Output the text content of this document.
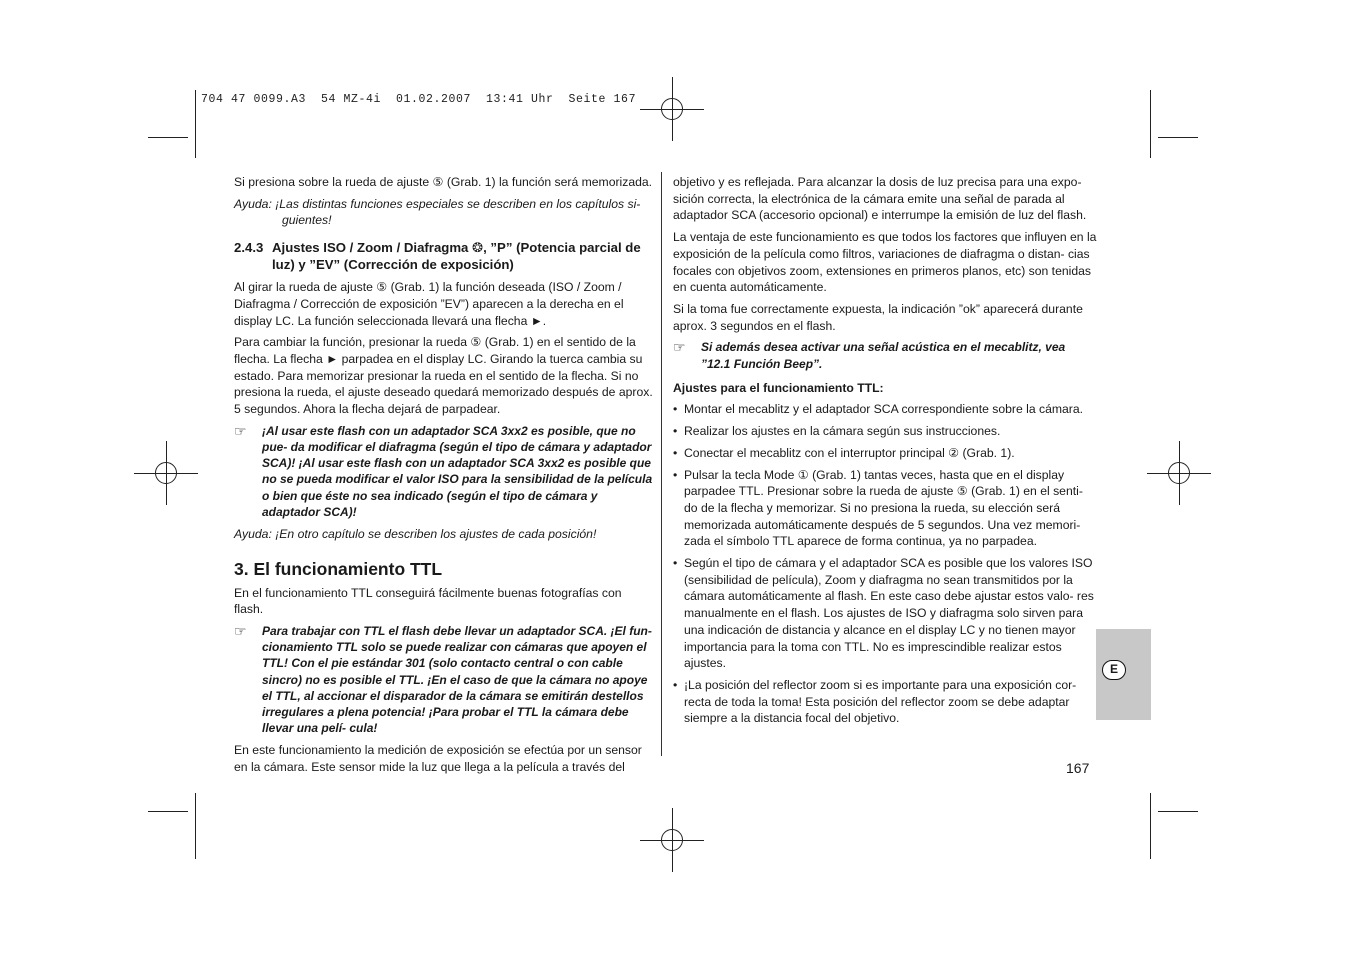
704 47 0099.A3  54 MZ-4i  01.02.2007  13:41 Uhr  Seite 167

Si presiona sobre la rueda de ajuste ⑤ (Grab. 1) la función será memorizada.

Ayuda: ¡Las distintas funciones especiales se describen en los capítulos si- guientes!

2.4.3 Ajustes ISO / Zoom / Diafragma ❂, ”P” (Potencia parcial de
luz) y ”EV” (Corrección de exposición)

Al girar la rueda de ajuste ⑤ (Grab. 1) la función deseada (ISO / Zoom / Diafragma / Corrección de exposición ”EV”) aparecen a la derecha en el display LC. La función seleccionada llevará una flecha ►.

Para cambiar la función, presionar la rueda ⑤ (Grab. 1) en el sentido de la flecha. La flecha ► parpadea en el display LC. Girando la tuerca cambia su estado. Para memorizar presionar la rueda en el sentido de la flecha. Si no presiona la rueda, el ajuste deseado quedará memorizado después de aprox. 5 segundos. Ahora la flecha dejará de parpadear.

☞	¡Al usar este flash con un adaptador SCA 3xx2 es posible, que no pue- da modificar el diafragma (según el tipo de cámara y adaptador SCA)! ¡Al usar este flash con un adaptador SCA 3xx2 es posible que no se pueda modificar el valor ISO para la sensibilidad de la película o bien que éste no sea indicado (según el tipo de cámara y adaptador SCA)!

Ayuda: ¡En otro capítulo se describen los ajustes de cada posición!

3. El funcionamiento TTL

En el funcionamiento TTL conseguirá fácilmente buenas fotografías con flash.

☞	Para trabajar con TTL el flash debe llevar un adaptador SCA. ¡El fun- cionamiento TTL solo se puede realizar con cámaras que apoyen el TTL! Con el pie estándar 301 (solo contacto central o con cable sincro) no es posible el TTL. ¡En el caso de que la cámara no apoye el TTL, al accionar el disparador de la cámara se emitirán destellos irregulares a plena potencia! ¡Para probar el TTL la cámara debe llevar una pelí- cula!

En este funcionamiento la medición de exposición se efectúa por un sensor en la cámara. Este sensor mide la luz que llega a la película a través del

objetivo y es reflejada. Para alcanzar la dosis de luz precisa para una expo- sición correcta, la electrónica de la cámara emite una señal de parada al adaptador SCA (accesorio opcional) e interrumpe la emisión de luz del flash.

La ventaja de este funcionamiento es que todos los factores que influyen en la exposición de la película como filtros, variaciones de diafragma o distan- cias focales con objetivos zoom, extensiones en primeros planos, etc) son tenidas en cuenta automáticamente.

Si la toma fue correctamente expuesta, la indicación ”ok” aparecerá durante aprox. 3 segundos en el flash.

☞	Si además desea activar una señal acústica en el mecablitz, vea ”12.1 Función Beep”.

Ajustes para el funcionamiento TTL:

• Montar el mecablitz y el adaptador SCA correspondiente sobre la cámara.
• Realizar los ajustes en la cámara según sus instrucciones.
• Conectar el mecablitz con el interruptor principal ② (Grab. 1).
• Pulsar la tecla Mode ① (Grab. 1) tantas veces, hasta que en el display parpadee TTL. Presionar sobre la rueda de ajuste ⑤ (Grab. 1) en el senti- do de la flecha y memorizar. Si no presiona la rueda, su elección será memorizada automáticamente después de 5 segundos. Una vez memori- zada el símbolo TTL aparece de forma continua, ya no parpadea.
• Según el tipo de cámara y el adaptador SCA es posible que los valores ISO (sensibilidad de película), Zoom y diafragma no sean transmitidos por la cámara automáticamente al flash. En este caso debe ajustar estos valo- res manualmente en el flash. Los ajustes de ISO y diafragma solo sirven para una indicación de distancia y alcance en el display LC y no tienen mayor importancia para la toma con TTL. No es imprescindible realizar estos ajustes.
• ¡La posición del reflector zoom si es importante para una exposición cor- recta de toda la toma! Esta posición del reflector zoom se debe adaptar siempre a la distancia focal del objetivo.
E
167
